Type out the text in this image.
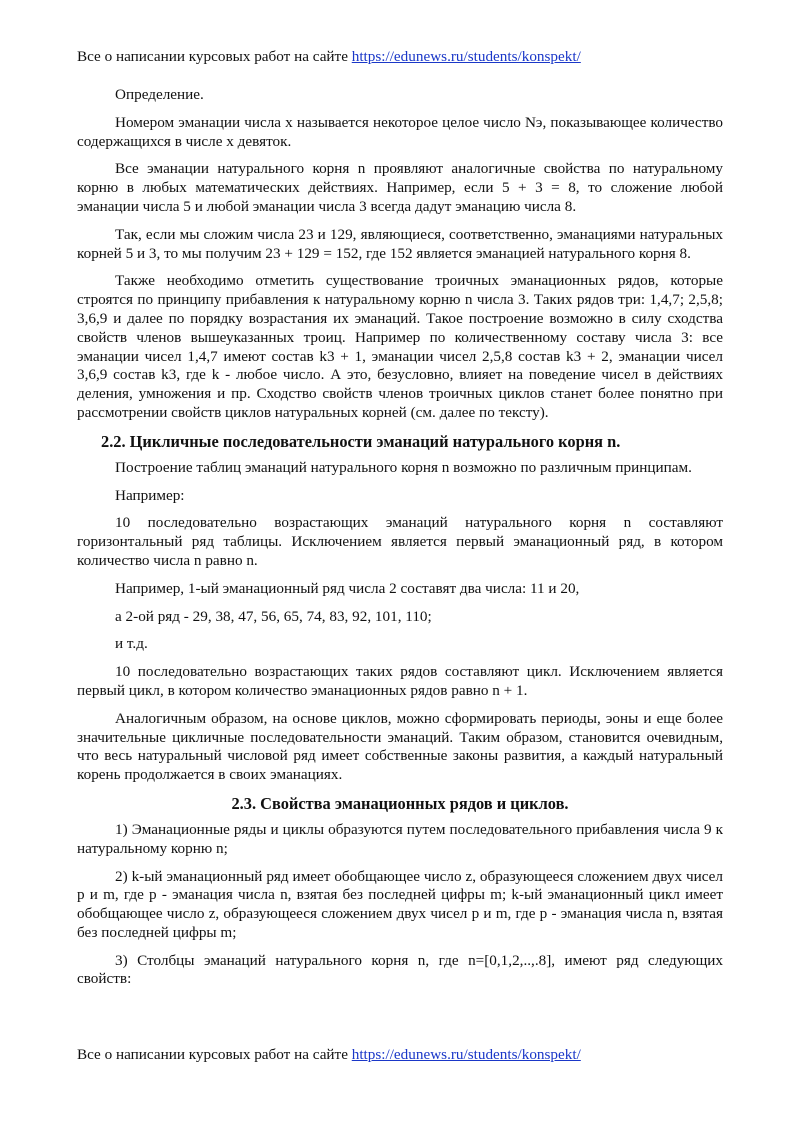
Все о написании курсовых работ на сайте https://edunews.ru/students/konspekt/

Определение.

Номером эманации числа x называется некоторое целое число Nэ, показывающее количество содержащихся в числе x девяток.

Все эманации натурального корня n проявляют аналогичные свойства по натуральному корню в любых математических действиях. Например, если 5 + 3 = 8, то сложение любой эманации числа 5 и любой эманации числа 3 всегда дадут эманацию числа 8.

Так, если мы сложим числа 23 и 129, являющиеся, соответственно, эманациями натуральных корней 5 и 3, то мы получим 23 + 129 = 152, где 152 является эманацией натурального корня 8.

Также необходимо отметить существование троичных эманационных рядов, которые строятся по принципу прибавления к натуральному корню n числа 3. Таких рядов три: 1,4,7; 2,5,8; 3,6,9 и далее по порядку возрастания их эманаций. Такое построение возможно в силу сходства свойств членов вышеуказанных троиц. Например по количественному составу числа 3: все эманации чисел 1,4,7 имеют состав k3 + 1, эманации чисел 2,5,8 состав k3 + 2, эманации чисел 3,6,9 состав k3, где k - любое число. А это, безусловно, влияет на поведение чисел в действиях деления, умножения и пр. Сходство свойств членов троичных циклов станет более понятно при рассмотрении свойств циклов натуральных корней (см. далее по тексту).

2.2. Цикличные последовательности эманаций натурального корня n.

Построение таблиц эманаций натурального корня n возможно по различным принципам.

Например:

10 последовательно возрастающих эманаций натурального корня n составляют горизонтальный ряд таблицы. Исключением является первый эманационный ряд, в котором количество числа n равно n.

Например, 1-ый эманационный ряд числа 2 составят два числа: 11 и 20,

а 2-ой ряд - 29, 38, 47, 56, 65, 74, 83, 92, 101, 110;

и т.д.

10 последовательно возрастающих таких рядов составляют цикл. Исключением является первый цикл, в котором количество эманационных рядов равно n + 1.

Аналогичным образом, на основе циклов, можно сформировать периоды, эоны и еще более значительные цикличные последовательности эманаций. Таким образом, становится очевидным, что весь натуральный числовой ряд имеет собственные законы развития, а каждый натуральный корень продолжается в своих эманациях.

2.3. Свойства эманационных рядов и циклов.

1) Эманационные ряды и циклы образуются путем последовательного прибавления числа 9 к натуральному корню n;

2) k-ый эманационный ряд имеет обобщающее число z, образующееся сложением двух чисел p и m, где p - эманация числа n, взятая без последней цифры m; k-ый эманационный цикл имеет обобщающее число z, образующееся сложением двух чисел p и m, где p - эманация числа n, взятая без последней цифры m;

3) Столбцы эманаций натурального корня n, где n=[0,1,2,..,.8], имеют ряд следующих свойств:

Все о написании курсовых работ на сайте https://edunews.ru/students/konspekt/
